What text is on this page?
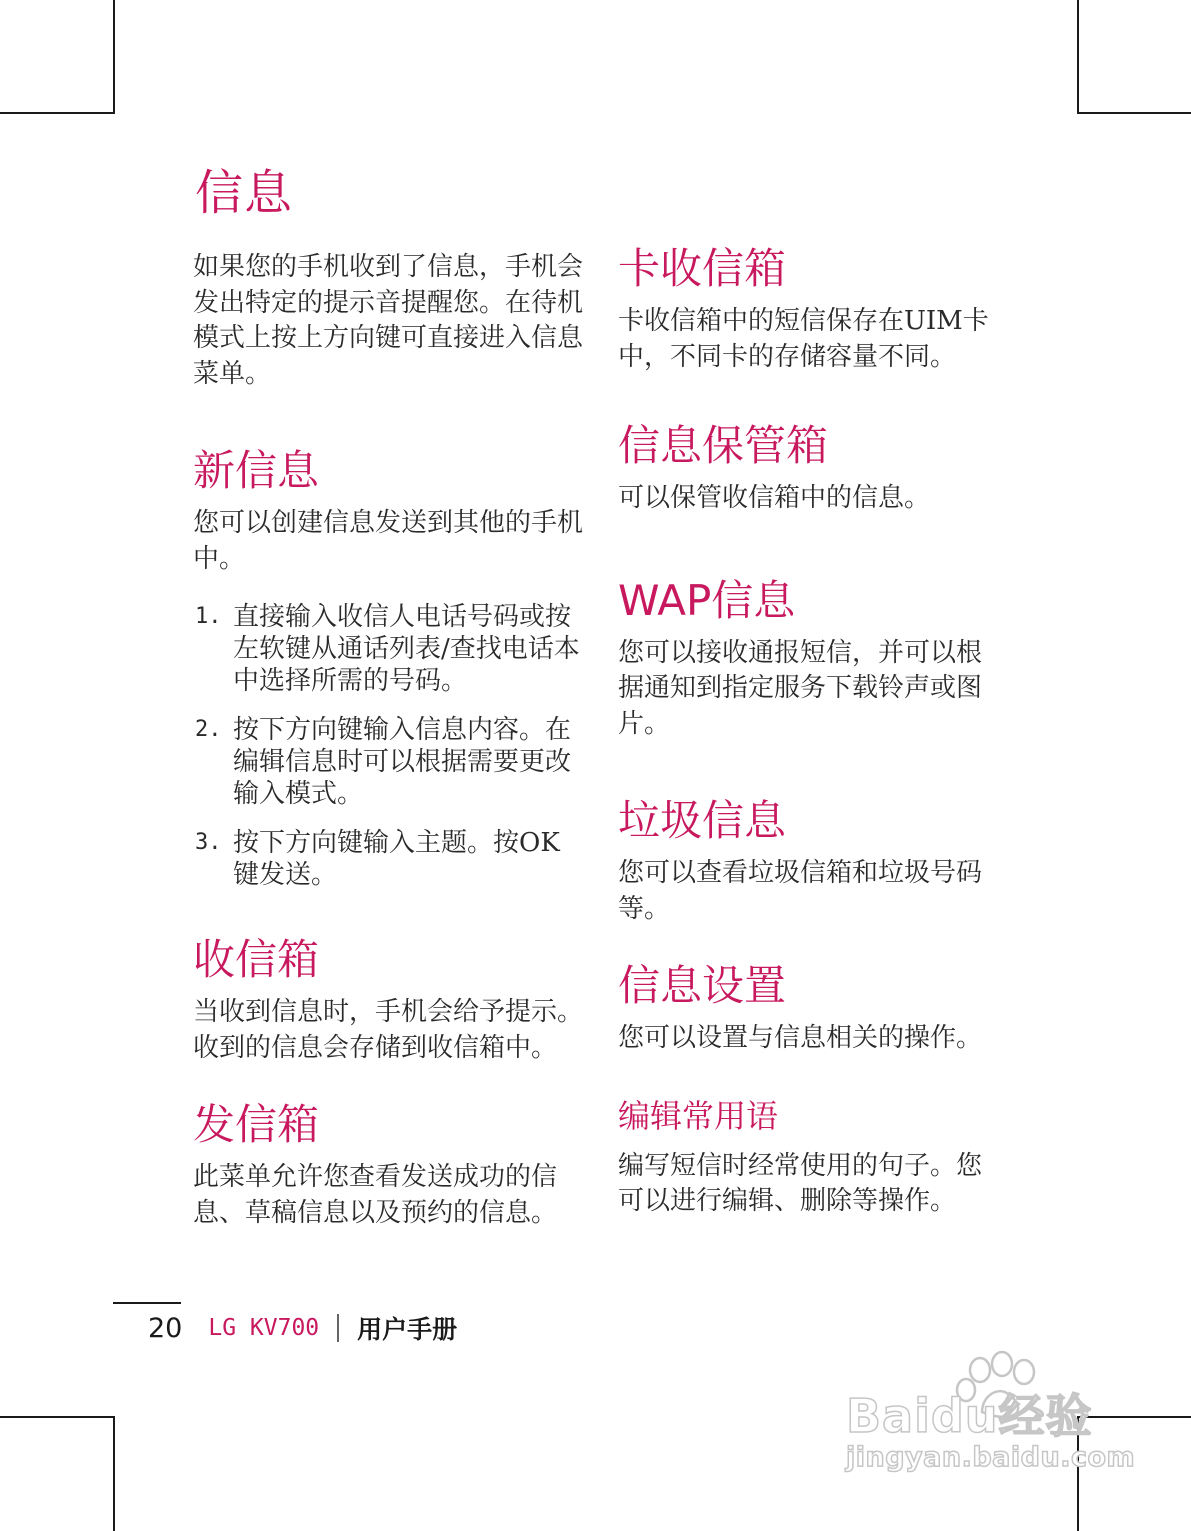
信息

如果您的手机收到了信息，手机会发出特定的提示音提醒您。在待机模式上按上方向键可直接进入信息菜单。

新信息

您可以创建信息发送到其他的手机中。

1. 直接输入收信人电话号码或按左软键从通话列表/查找电话本中选择所需的号码。
2. 按下方向键输入信息内容。在编辑信息时可以根据需要更改输入模式。
3. 按下方向键输入主题。按OK键发送。
收信箱

当收到信息时，手机会给予提示。收到的信息会存储到收信箱中。

发信箱

此菜单允许您查看发送成功的信息、草稿信息以及预约的信息。

卡收信箱

卡收信箱中的短信保存在UIM卡中，不同卡的存储容量不同。

信息保管箱

可以保管收信箱中的信息。

WAP信息

您可以接收通报短信，并可以根据通知到指定服务下载铃声或图片。

垃圾信息

您可以查看垃圾信箱和垃圾号码等。

信息设置

您可以设置与信息相关的操作。

编辑常用语

编写短信时经常使用的句子。您可以进行编辑、删除等操作。

20 LG KV700 用户手册
Baidu经验
jingyan.baidu.com
